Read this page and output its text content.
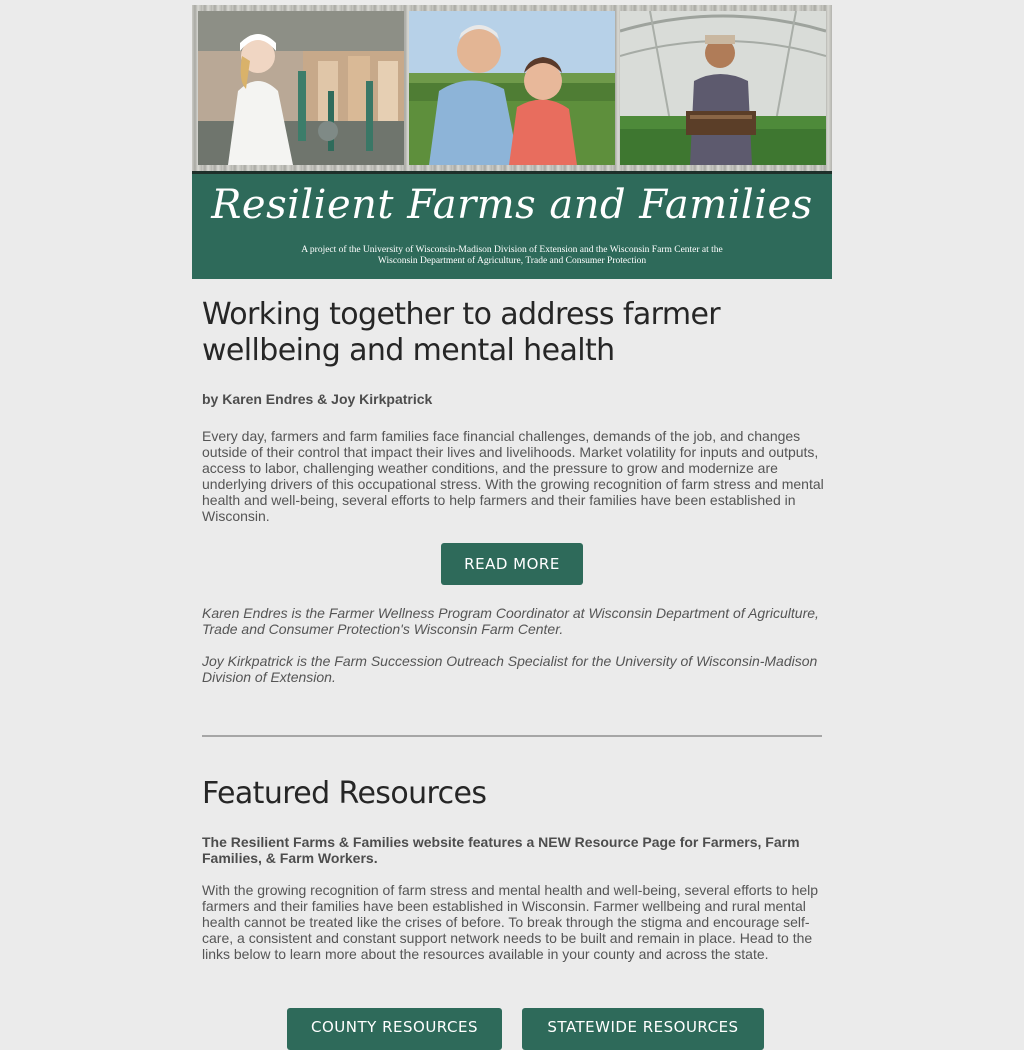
Resilient Farms and Families
A project of the University of Wisconsin-Madison Division of Extension and the Wisconsin Farm Center at the
Wisconsin Department of Agriculture, Trade and Consumer Protection
Working together to address farmer wellbeing and mental health
by Karen Endres & Joy Kirkpatrick
Every day, farmers and farm families face financial challenges, demands of the job, and changes outside of their control that impact their lives and livelihoods. Market volatility for inputs and outputs, access to labor, challenging weather conditions, and the pressure to grow and modernize are underlying drivers of this occupational stress. With the growing recognition of farm stress and mental health and well-being, several efforts to help farmers and their families have been established in Wisconsin.
READ MORE
Karen Endres is the Farmer Wellness Program Coordinator at Wisconsin Department of Agriculture, Trade and Consumer Protection's Wisconsin Farm Center.
Joy Kirkpatrick is the Farm Succession Outreach Specialist for the University of Wisconsin-Madison Division of Extension.
Featured Resources
The Resilient Farms & Families website features a NEW Resource Page for Farmers, Farm Families, & Farm Workers.
With the growing recognition of farm stress and mental health and well-being, several efforts to help farmers and their families have been established in Wisconsin. Farmer wellbeing and rural mental health cannot be treated like the crises of before. To break through the stigma and encourage self-care, a consistent and constant support network needs to be built and remain in place. Head to the links below to learn more about the resources available in your county and across the state.
COUNTY RESOURCES	STATEWIDE RESOURCES
